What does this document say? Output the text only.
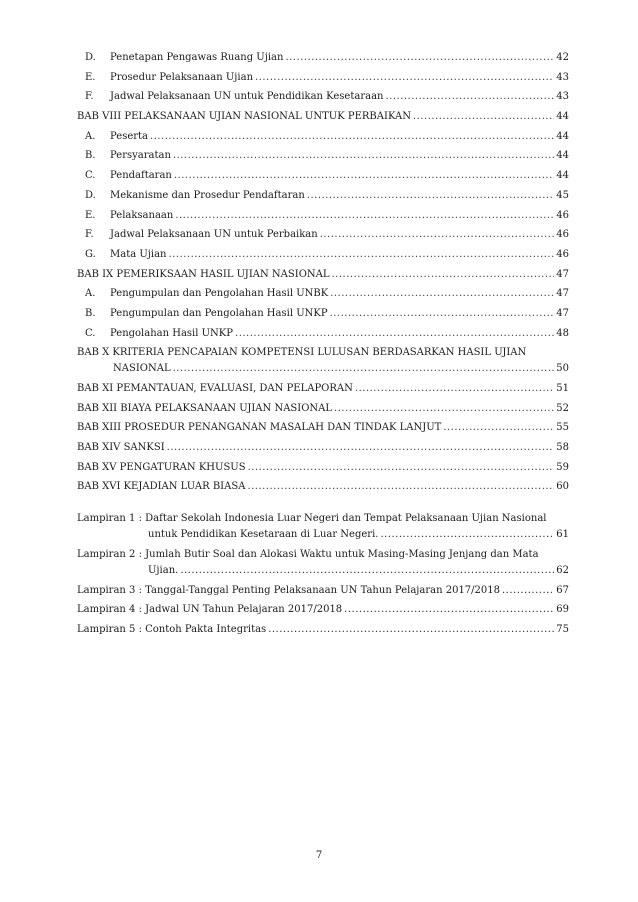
D.	Penetapan Pengawas Ruang Ujian .....	42
E.	Prosedur Pelaksanaan Ujian .....	43
F.	Jadwal Pelaksanaan UN untuk Pendidikan Kesetaraan .....	43
BAB VIII PELAKSANAAN UJIAN NASIONAL UNTUK PERBAIKAN .....	44
A.	Peserta .....	44
B.	Persyaratan .....	44
C.	Pendaftaran .....	44
D.	Mekanisme dan Prosedur Pendaftaran .....	45
E.	Pelaksanaan .....	46
F.	Jadwal Pelaksanaan UN untuk Perbaikan .....	46
G.	Mata Ujian .....	46
BAB IX PEMERIKSAAN HASIL UJIAN NASIONAL .....	47
A.	Pengumpulan dan Pengolahan Hasil UNBK .....	47
B.	Pengumpulan dan Pengolahan Hasil UNKP .....	47
C.	Pengolahan Hasil UNKP .....	48
BAB X KRITERIA PENCAPAIAN KOMPETENSI LULUSAN BERDASARKAN HASIL UJIAN
NASIONAL .....	50
BAB XI PEMANTAUAN, EVALUASI, DAN PELAPORAN .....	51
BAB XII BIAYA PELAKSANAAN UJIAN NASIONAL .....	52
BAB XIII PROSEDUR PENANGANAN MASALAH DAN TINDAK LANJUT .....	55
BAB XIV SANKSI .....	58
BAB XV PENGATURAN KHUSUS .....	59
BAB XVI KEJADIAN LUAR BIASA .....	60
Lampiran 1 : Daftar Sekolah Indonesia Luar Negeri dan Tempat Pelaksanaan Ujian Nasional
untuk Pendidikan Kesetaraan di Luar Negeri. .....	61
Lampiran 2 : Jumlah Butir Soal dan Alokasi Waktu untuk Masing-Masing Jenjang dan Mata
Ujian. .....	62
Lampiran 3 : Tanggal-Tanggal Penting Pelaksanaan UN Tahun Pelajaran 2017/2018 .....	67
Lampiran 4 : Jadwal UN Tahun Pelajaran 2017/2018 .....	69
Lampiran 5 : Contoh Pakta Integritas .....	75
7
